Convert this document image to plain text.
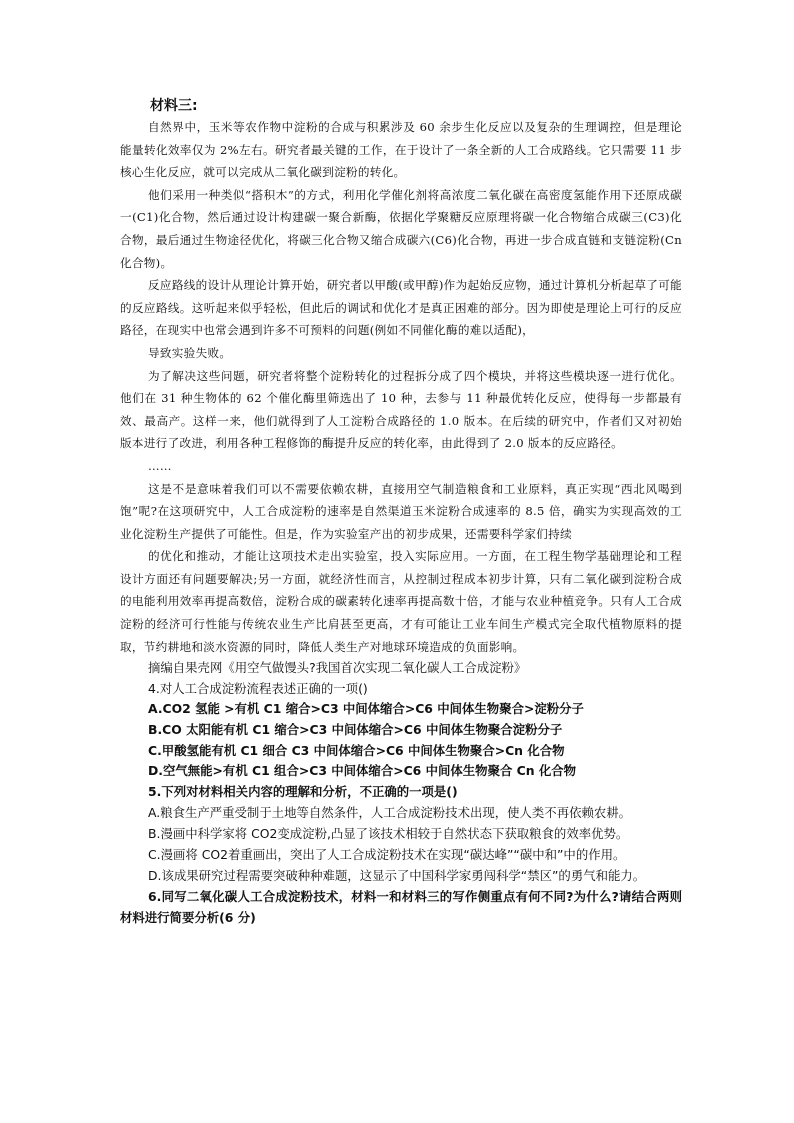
材料三:

自然界中，玉米等农作物中淀粉的合成与积累涉及 60 余步生化反应以及复杂的生理调控，但是理论能量转化效率仅为 2%左右。研究者最关键的工作，在于设计了一条全新的人工合成路线。它只需要 11 步核心生化反应，就可以完成从二氧化碳到淀粉的转化。

他们采用一种类似“搭积木”的方式，利用化学催化剂将高浓度二氧化碳在高密度氢能作用下还原成碳一(C1)化合物，然后通过设计构建碳一聚合新酶，依据化学聚糖反应原理将碳一化合物缩合成碳三(C3)化合物，最后通过生物途径优化，将碳三化合物又缩合成碳六(C6)化合物，再进一步合成直链和支链淀粉(Cn 化合物)。

反应路线的设计从理论计算开始，研究者以甲酸(或甲醇)作为起始反应物，通过计算机分析起草了可能的反应路线。这听起来似乎轻松，但此后的调试和优化才是真正困难的部分。因为即使是理论上可行的反应路径，在现实中也常会遇到许多不可预料的问题(例如不同催化酶的难以适配)，

导致实验失败。

为了解决这些问题，研究者将整个淀粉转化的过程拆分成了四个模块，并将这些模块逐一进行优化。他们在 31 种生物体的 62 个催化酶里筛选出了 10 种，去参与 11 种最优转化反应，使得每一步都最有效、最高产。这样一来，他们就得到了人工淀粉合成路径的 1.0 版本。在后续的研究中，作者们又对初始版本进行了改进，利用各种工程修饰的酶提升反应的转化率，由此得到了 2.0 版本的反应路径。

……

这是不是意味着我们可以不需要依赖农耕，直接用空气制造粮食和工业原料，真正实现“西北风喝到饱”呢?在这项研究中，人工合成淀粉的速率是自然渠道玉米淀粉合成速率的 8.5 倍，确实为实现高效的工业化淀粉生产提供了可能性。但是，作为实验室产出的初步成果，还需要科学家们持续

的优化和推动，才能让这项技术走出实验室，投入实际应用。一方面，在工程生物学基础理论和工程设计方面还有问题要解决;另一方面，就经济性而言，从控制过程成本初步计算，只有二氧化碳到淀粉合成的电能利用效率再提高数倍，淀粉合成的碳素转化速率再提高数十倍，才能与农业种植竞争。只有人工合成淀粉的经济可行性能与传统农业生产比肩甚至更高，才有可能让工业车间生产模式完全取代植物原料的提取，节约耕地和淡水资源的同时，降低人类生产对地球环境造成的负面影响。

摘编自果壳网《用空气做馒头?我国首次实现二氧化碳人工合成淀粉》

4.对人工合成淀粉流程表述正确的一项()

A.CO2 氢能 >有机 C1 缩合>C3 中间体缩合>C6 中间体生物聚合>淀粉分子

B.CO 太阳能有机 C1 缩合>C3 中间体缩合>C6 中间体生物聚合淀粉分子

C.甲酸氢能有机 C1 细合 C3 中间体缩合>C6 中间体生物聚合>Cn 化合物

D.空气無能>有机 C1 组合>C3 中间体缩合>C6 中间体生物聚合 Cn 化合物

5.下列对材料相关内容的理解和分析，不正确的一项是()

A.粮食生产严重受制于土地等自然条件，人工合成淀粉技术出现，使人类不再依赖农耕。

B.漫画中科学家将 CO2变成淀粉,凸显了该技术相较于自然状态下获取粮食的效率优势。

C.漫画将 CO2着重画出，突出了人工合成淀粉技术在实现“碳达峰”“碳中和”中的作用。

D.该成果研究过程需要突破种种难题，这显示了中国科学家勇闯科学“禁区”的勇气和能力。

6.同写二氧化碳人工合成淀粉技术，材料一和材料三的写作侧重点有何不同?为什么?请结合两则材料进行简要分析(6 分)
